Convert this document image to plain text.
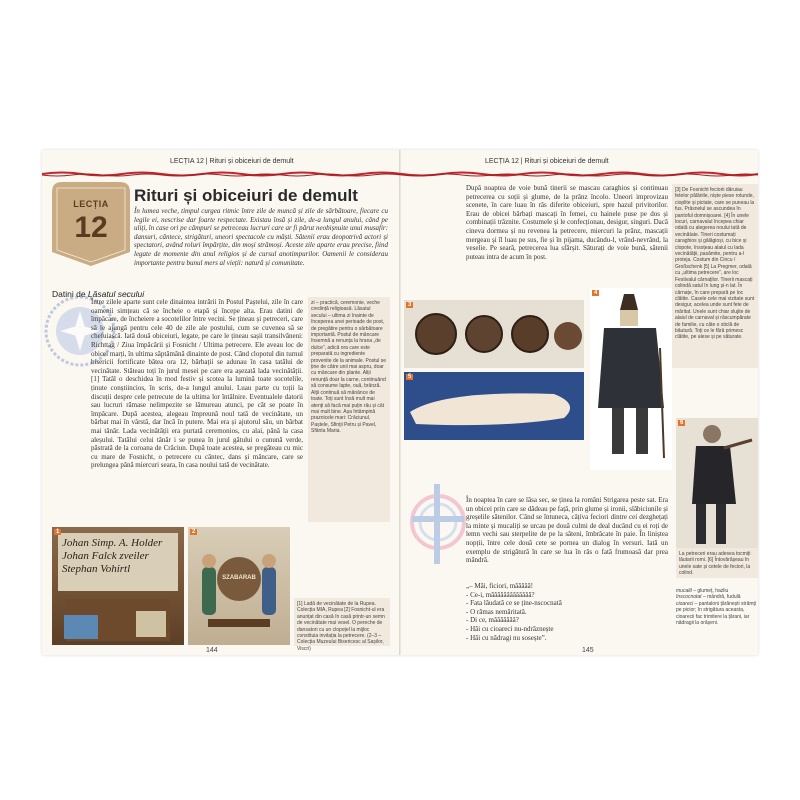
LECȚIA 12 | Rituri și obiceiuri de demult	LECȚIA 12 | Rituri și obiceiuri de demult
LECȚIA
12
Rituri și obiceiuri de demult
În lumea veche, timpul curgea ritmic între zile de muncă și zile de sărbătoare, fiecare cu legile ei, nescrise dar foarte respectate. Existau însă și zile, de-a lungul anului, când pe uliți, în case ori pe câmpuri se petreceau lucruri care ar fi părut neobișnuite unui musafir: dansuri, cântece, strigături, uneori spectacole cu măști. Sătenii erau deopotrivă actori și spectatori, având roluri împărțite, din moși strămoși. Aceste zile aparte erau precise, fiind legate de momente din anul religios și de cursul anotimpurilor. Oamenii le considerau importante pentru bunul mers al vieții: natură și comunitate.
Datini de Lăsatul secului
Între zilele aparte sunt cele dinaintea intrării în Postul Paștelui, zile în care oamenii simțeau că se încheie o etapă și începe alta. Erau datini de împăcare, de încheiere a socotelilor între vecini. Se țineau și petreceri, care să le ajungă pentru cele 40 de zile ale postului, cum se cuvenea să se chefuiască. Iată două obiceiuri, legate, pe care le țineau sașii transilvăneni: Richttag / Ziua împăcării și Fosnicht / Ultima petrecere. Ele aveau loc de obicei marți, în ultima săptămână dinainte de post. Când clopotul din turnul bisericii fortificate bătea ora 12, bărbații se adunau în casa tatălui de vecinătate. Stăteau toți în jurul mesei pe care era așezată lada vecinătății. [1] Tatăl o deschidea în mod festiv și scotea la lumină toate socotelile, ținute conștiincios, în scris, de-a lungul anului. Luau parte cu toții la discuții despre cele petrecute de la ultima lor întâlnire. Eventualele datorii sau lucruri rămase nelimpezite se lămureau atunci, pe cât se poate în împăcare. După acestea, alegeau împreună noul tată de vecinătate, un bărbat mai în vârstă, dar încă în putere. Mai era și ajutorul său, un bărbat mai tânăr. Lada vecinătății era purtată ceremonios, cu alai, până la casa aleșului. Tatălui celui tânăr i se punea în jurul gâtului o cunună verde, păstrată de la coroana de Crăciun. După toate acestea, se pregăteau cu mic cu mare de Fosnicht, o petrecere cu cântec, dans și mâncare, care se prelungea până miercuri seara, în casa noului tată de vecinătate.
zi – practică, ceremonie, veche credință religioasă. Lăsatul secului – ultima zi înainte de începerea unei perioade de post, de pregătire pentru o sărbătoare importantă. Postul de mâncare însemnă a renunța la hrana „de dulce”, adică ora care este preparată cu ingrediente provenite de la animale. Postul se ține de către unii mai aspru, doar cu mâncare din plante. Alții renunță doar la carne, continuând să consume lapte, ouă, brânză. Alții continuă să mănânce de toate. Toți sunt însă mult mai atenți să facă mai puțin rău și cât mai mult bine. Așa întâmpină praznicele mari: Crăciunul, Paștele, Sfinții Petru și Pavel, Sfânta Maria.
Johan Simp. A. Holder Johan Falck zveiler Stephan Vohirtl
1
SZABARAB
2
[1] Ladă de vecinătate de la Rupea. Colecția MIA, Rupea [2] Fosnicht-ul era anunțat din casă în casă printr-un semn de vecinătate mai vesel. O pereche de dansatori cu un clopoțel la mijloc constituia invitația la petrecere. (2–3 – Colecția Muzeului Bisericesc al Sașilor, Viscri)
144
După noaptea de voie bună tinerii se mascau caraghios și continuau petrecerea cu soții și glume, de la prânz încolo. Uneori improvizau scenete, în care luau în râs diferite obiceiuri, spre hazul privitorilor. Erau de obicei bărbați mascați în femei, cu hainele puse pe dos și combinații trăznite. Costumele și le confecționau, desigur, singuri. Dacă cineva dormea și nu revenea la petrecere, miercuri la prânz, mascații mergeau și îl luau pe sus, fie și în pijama, ducându-l, vrând-nevrând, la veselie. Pe seară, petrecerea lua sfârșit. Săturați de voie bună, sătenii puteau intra de acum în post.
[3] De Fosnicht feciorii dăruiau fetelor pălăriile, niște piese rotunde, cioplite și pictate, care se puneau la fus. Prâsnelul se ascundea în pantoful domnișoarei. [4] În unele locuri, carnavalul începea chiar odată cu alegerea noului tată de vecinătate. Tineri costumați caraghios și gălăgioși, cu bice și clopote, însoțeau alaiul cu lada vecinătății, pasămite, pentru a-l proteja. Costum din Cincu / Großschenk [5] La Pregmer, odată cu „ultima petrecere”, are loc Festivalul cârnaților. Tinerii mascați colindă satul în lung și-n lat. În cârnațe, în care prepară pe loc clătite. Casele cele mai vizitate sunt desigur, acelea unde sunt fete de măritat. Unele sunt chiar slujite de alaiul de carnaval și răscumpărate de familie, cu câte o sticlă de băutură. Toți ce le fărâ primesc clătite, pe alese și pe săturate.
3
5
4
6
La petreceri erau adesea tocmiți lăutarii romi. [6] Întovărășeau în unele sate și cetele de feciori, la colind.
În noaptea în care se lăsa sec, se ținea la români Strigarea peste sat. Era un obicei prin care se dădeau pe față, prin glume și ironii, slăbiciunile și greșelile sătenilor. Când se întuneca, câțiva feciori dintre cei dezghețați la minte și mucaliți se urcau pe două culmi de deal ducând cu ei roți de lemn vechi sau sterpelite de pe la săteni, îmbrăcate în paie. În liniștea nopții, între cele două cete se pornea un dialog în versuri. Iată un exemplu de strigătură în care se lua în râs o fată frumoasă dar prea mândră.
„– Măi, ficiori, măăăăă!
- Ce-i, măăăăăăăăăăăăă?
- Fata lăudată ce se ține-nscocnată
- O rămas nemăritată.
- Di ce, măăăăăăă?
- Hăi cu cioareci nu-ndrăznește
- Hăi cu nădragi nu sosește”.
mucalit – glumeț, hazliu
înscocnotat – mândră, fudulă
cioareci – pantaloni țărănești strâmți pe picior; în strigătura aceasta, cioarecii fac trimitere la țărani, iar nădragii la orășeni.
145
